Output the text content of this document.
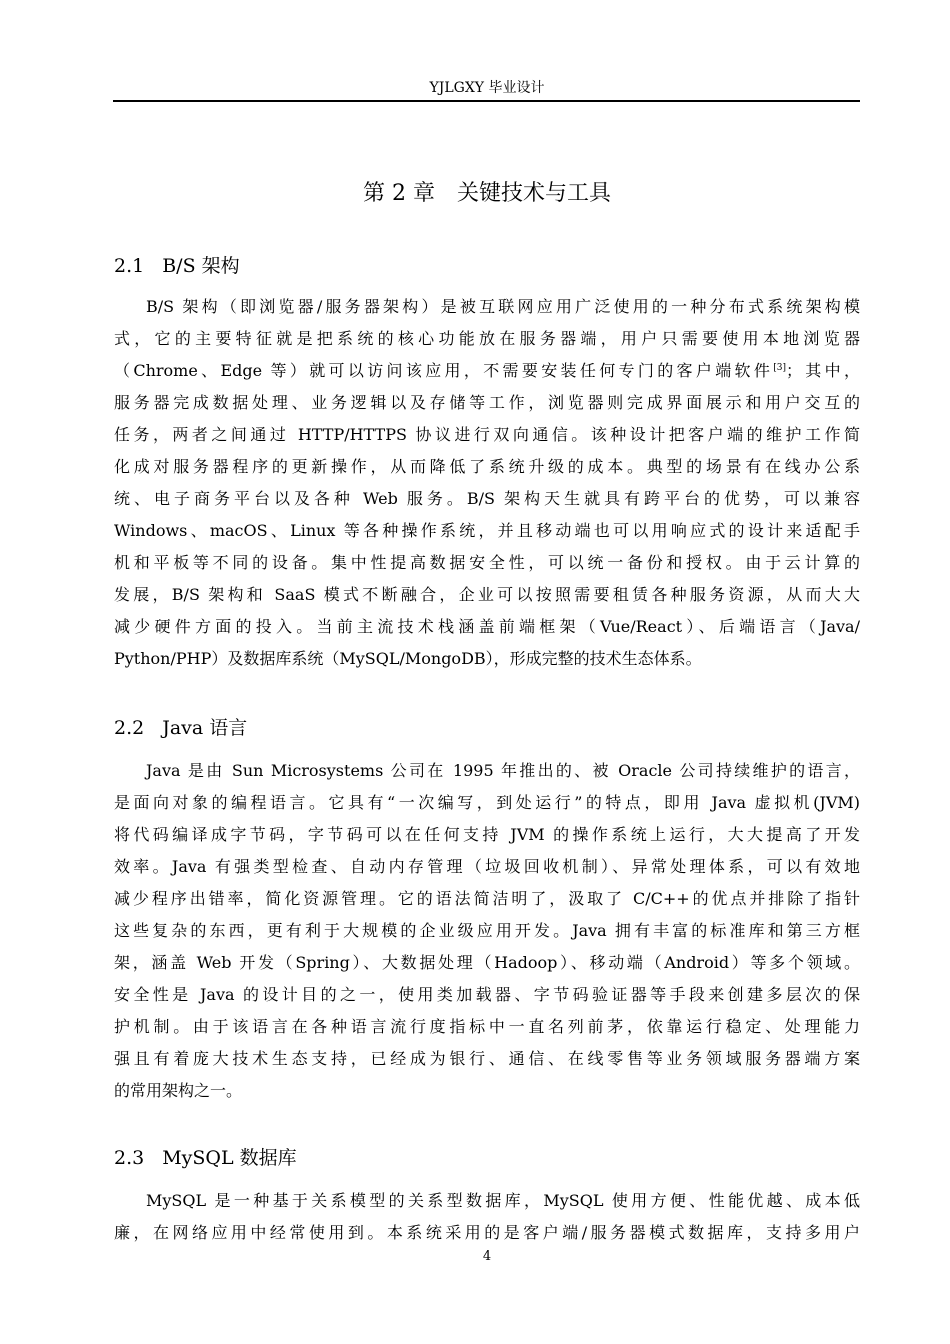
YJLGXY 毕业设计
第 2 章 关键技术与工具
2.1 B/S 架构
B/S 架构（即浏览器/服务器架构）是被互联网应用广泛使用的一种分布式系统架构模
式，它的主要特征就是把系统的核心功能放在服务器端，用户只需要使用本地浏览器
（Chrome、Edge 等）就可以访问该应用，不需要安装任何专门的客户端软件[3]；其中，
服务器完成数据处理、业务逻辑以及存储等工作，浏览器则完成界面展示和用户交互的
任务，两者之间通过 HTTP/HTTPS 协议进行双向通信。该种设计把客户端的维护工作简
化成对服务器程序的更新操作，从而降低了系统升级的成本。典型的场景有在线办公系
统、电子商务平台以及各种 Web 服务。B/S 架构天生就具有跨平台的优势，可以兼容
Windows、macOS、Linux 等各种操作系统，并且移动端也可以用响应式的设计来适配手
机和平板等不同的设备。集中性提高数据安全性，可以统一备份和授权。由于云计算的
发展，B/S 架构和 SaaS 模式不断融合，企业可以按照需要租赁各种服务资源，从而大大
减少硬件方面的投入。当前主流技术栈涵盖前端框架（Vue/React）、后端语言（Java/
Python/PHP）及数据库系统（MySQL/MongoDB），形成完整的技术生态体系。
2.2 Java 语言
Java 是由 Sun Microsystems 公司在 1995 年推出的、被 Oracle 公司持续维护的语言，
是面向对象的编程语言。它具有“一次编写，到处运行”的特点，即用 Java 虚拟机(JVM)
将代码编译成字节码，字节码可以在任何支持 JVM 的操作系统上运行，大大提高了开发
效率。Java 有强类型检查、自动内存管理（垃圾回收机制）、异常处理体系，可以有效地
减少程序出错率，简化资源管理。它的语法简洁明了，汲取了 C/C++的优点并排除了指针
这些复杂的东西，更有利于大规模的企业级应用开发。Java 拥有丰富的标准库和第三方框
架，涵盖 Web 开发（Spring）、大数据处理（Hadoop）、移动端（Android）等多个领域。
安全性是 Java 的设计目的之一，使用类加载器、字节码验证器等手段来创建多层次的保
护机制。由于该语言在各种语言流行度指标中一直名列前茅，依靠运行稳定、处理能力
强且有着庞大技术生态支持，已经成为银行、通信、在线零售等业务领域服务器端方案
的常用架构之一。
2.3 MySQL 数据库
MySQL 是一种基于关系模型的关系型数据库，MySQL 使用方便、性能优越、成本低
廉，在网络应用中经常使用到。本系统采用的是客户端/服务器模式数据库，支持多用户
4
